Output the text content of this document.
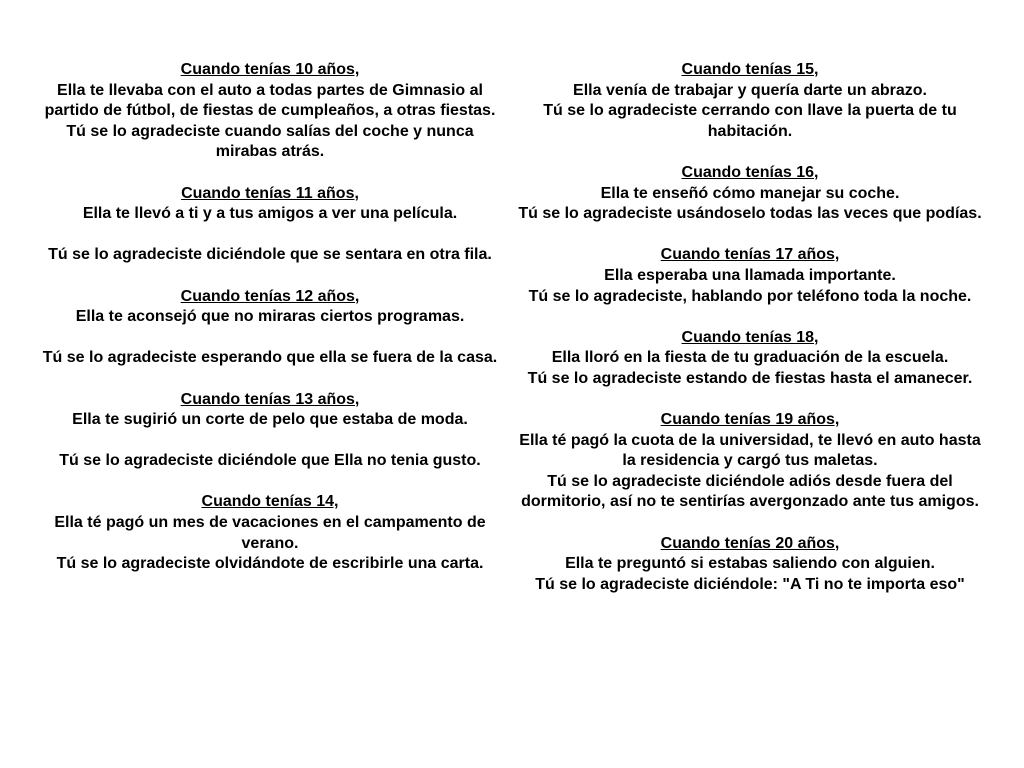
Cuando tenías 10 años,
Ella te llevaba con el auto a todas partes de Gimnasio al partido de fútbol, de fiestas de cumpleaños, a otras fiestas.
Tú se lo agradeciste cuando salías del coche y nunca mirabas atrás.
Cuando tenías 11 años,
Ella te llevó a ti y a tus amigos a ver una película.
Tú se lo agradeciste diciéndole que se sentara en otra fila.
Cuando tenías 12 años,
Ella te aconsejó que no miraras ciertos programas.
Tú se lo agradeciste esperando que ella se fuera de la casa.
Cuando tenías 13 años,
Ella te sugirió un corte de pelo que estaba de moda.
Tú se lo agradeciste diciéndole que Ella no tenia gusto.
Cuando tenías 14,
Ella té pagó un mes de vacaciones en el campamento de verano.
Tú se lo agradeciste olvidándote de escribirle una carta.
Cuando tenías 15,
Ella venía de trabajar y quería darte un abrazo.
Tú se lo agradeciste cerrando con llave la puerta de tu habitación.
Cuando tenías 16,
Ella te enseñó cómo manejar su coche.
Tú se lo agradeciste usándoselo todas las veces que podías.
Cuando tenías 17 años,
Ella esperaba una llamada importante.
Tú se lo agradeciste, hablando por teléfono toda la noche.
Cuando tenías 18,
Ella lloró en la fiesta de tu graduación de la escuela.
Tú se lo agradeciste estando de fiestas hasta el amanecer.
Cuando tenías 19 años,
Ella té pagó la cuota de la universidad, te llevó en auto hasta la residencia y cargó tus maletas.
Tú se lo agradeciste diciéndole adiós desde fuera del dormitorio, así no te sentirías avergonzado ante tus amigos.
Cuando tenías 20 años,
Ella te preguntó si estabas saliendo con alguien.
Tú se lo agradeciste diciéndole: "A Ti no te importa eso"
